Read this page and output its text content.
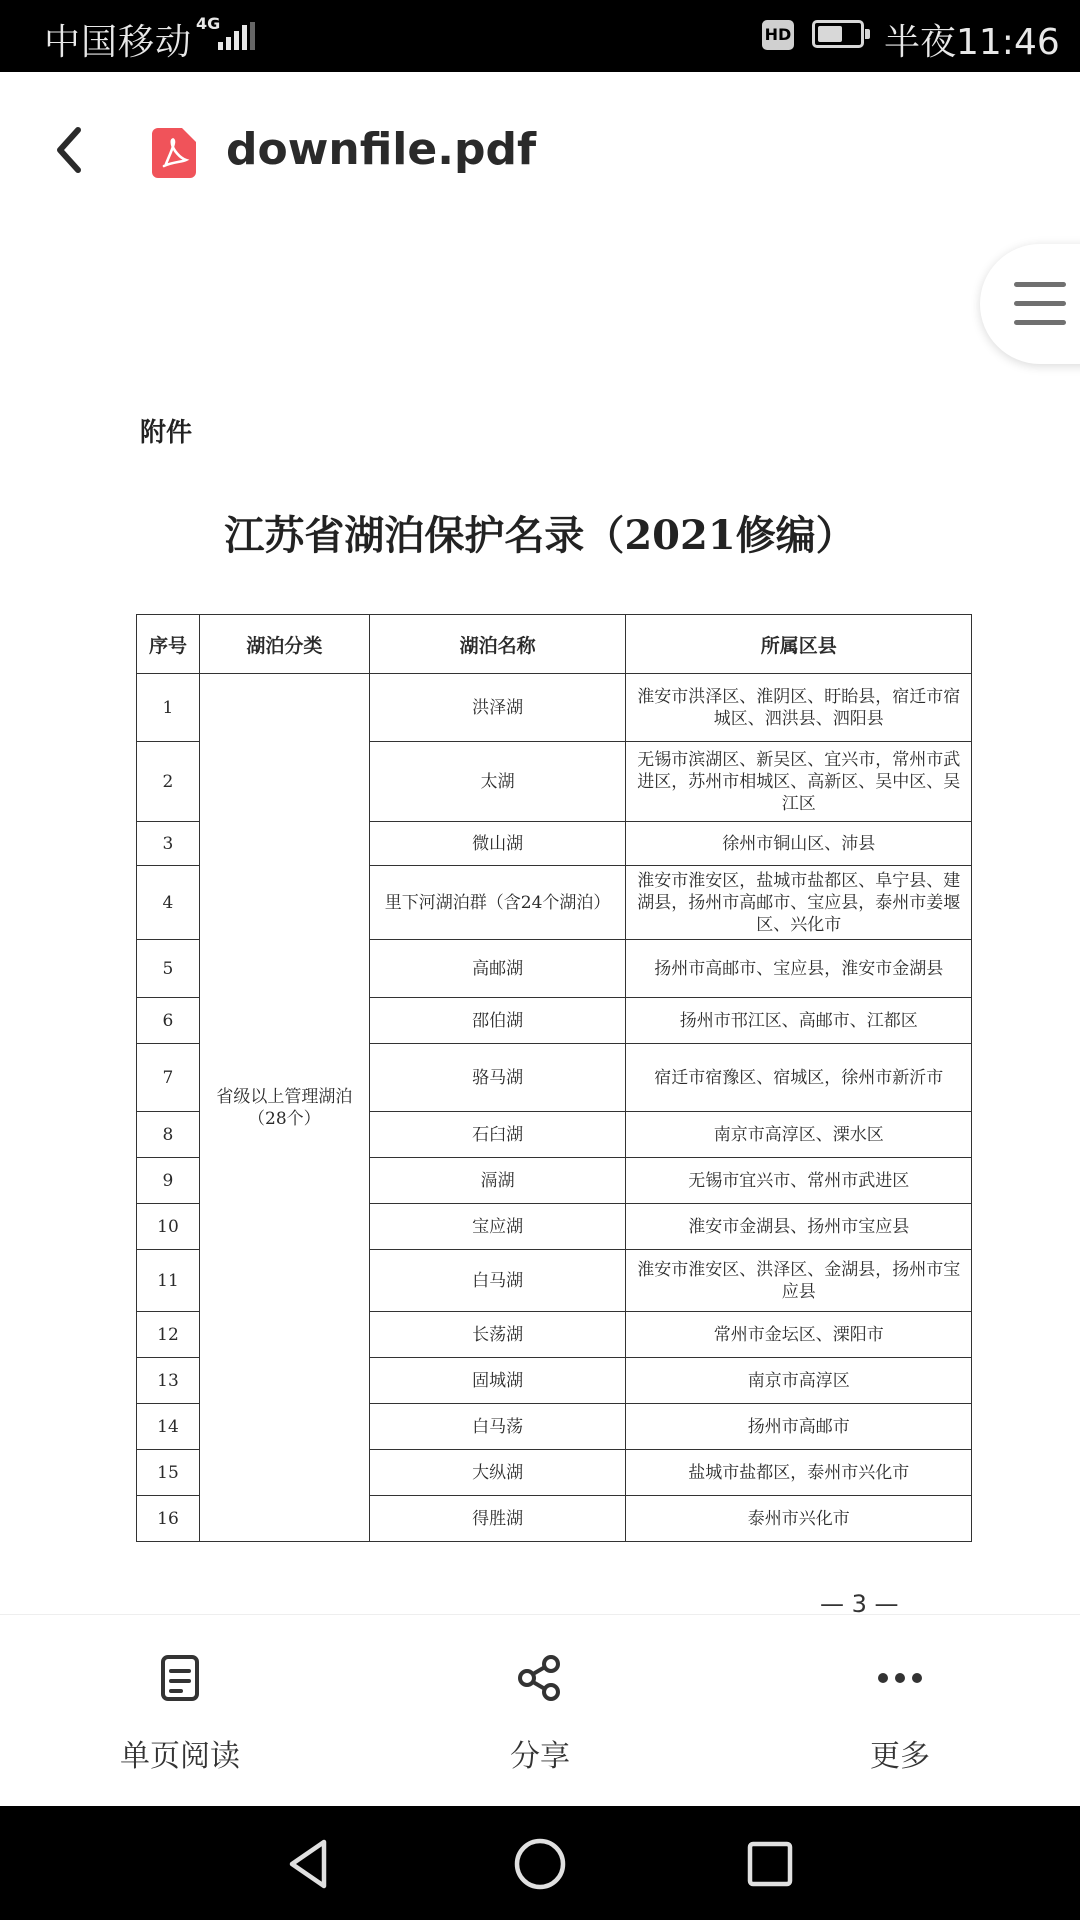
中国移动 4G
HD	半夜11:46
downfile.pdf
附件
江苏省湖泊保护名录（2021修编）
序号	湖泊分类	湖泊名称	所属区县
1	省级以上管理湖泊（28个）	洪泽湖	淮安市洪泽区、淮阴区、盱眙县，宿迁市宿城区、泗洪县、泗阳县
2		太湖	无锡市滨湖区、新吴区、宜兴市，常州市武进区，苏州市相城区、高新区、吴中区、吴江区
3		微山湖	徐州市铜山区、沛县
4		里下河湖泊群（含24个湖泊）	淮安市淮安区，盐城市盐都区、阜宁县、建湖县，扬州市高邮市、宝应县，泰州市姜堰区、兴化市
5		高邮湖	扬州市高邮市、宝应县，淮安市金湖县
6		邵伯湖	扬州市邗江区、高邮市、江都区
7		骆马湖	宿迁市宿豫区、宿城区，徐州市新沂市
8		石臼湖	南京市高淳区、溧水区
9		滆湖	无锡市宜兴市、常州市武进区
10		宝应湖	淮安市金湖县、扬州市宝应县
11		白马湖	淮安市淮安区、洪泽区、金湖县，扬州市宝应县
12		长荡湖	常州市金坛区、溧阳市
13		固城湖	南京市高淳区
14		白马荡	扬州市高邮市
15		大纵湖	盐城市盐都区，泰州市兴化市
16		得胜湖	泰州市兴化市
— 3 —
单页阅读	分享	更多
